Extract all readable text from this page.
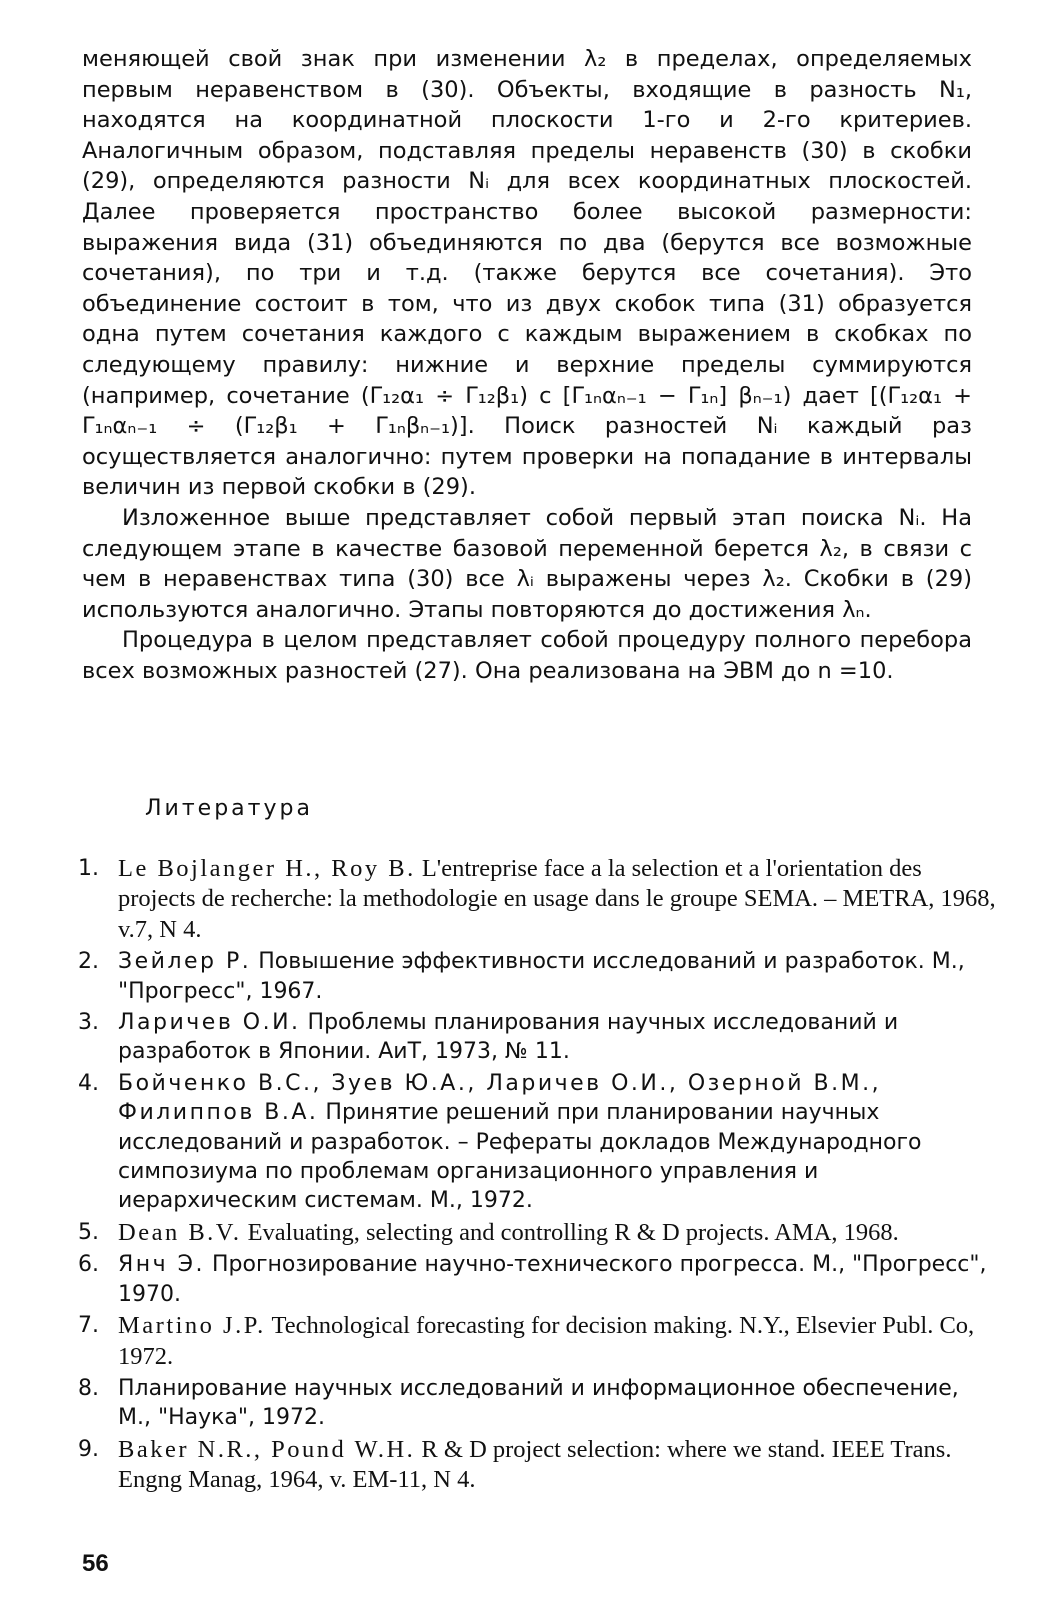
меняющей свой знак при изменении λ₂ в пределах, определяемых первым неравенством в (30). Объекты, входящие в разность N₁, находятся на координатной плоскости 1-го и 2-го критериев. Аналогичным образом, подставляя пределы неравенств (30) в скобки (29), определяются разности Nᵢ для всех координатных плоскостей. Далее проверяется пространство более высокой размерности: выражения вида (31) объединяются по два (берутся все возможные сочетания), по три и т.д. (также берутся все сочетания). Это объединение состоит в том, что из двух скобок типа (31) образуется одна путем сочетания каждого с каждым выражением в скобках по следующему правилу: нижние и верхние пределы суммируются (например, сочетание (Γ₁₂α₁ ÷ Γ₁₂β₁) с [Γ₁ₙαₙ₋₁ − Γ₁ₙ] βₙ₋₁) дает [(Γ₁₂α₁ + Γ₁ₙαₙ₋₁ ÷ (Γ₁₂β₁ + Γ₁ₙβₙ₋₁)]. Поиск разностей Nᵢ каждый раз осуществляется аналогично: путем проверки на попадание в интервалы величин из первой скобки в (29).

Изложенное выше представляет собой первый этап поиска Nᵢ. На следующем этапе в качестве базовой переменной берется λ₂, в связи с чем в неравенствах типа (30) все λᵢ выражены через λ₂. Скобки в (29) используются аналогично. Этапы повторяются до достижения λₙ.

Процедура в целом представляет собой процедуру полного перебора всех возможных разностей (27). Она реализована на ЭВМ до n =10.

Литература
1. Le Bojlanger H., Roy B. L'entreprise face a la selection et a l'orientation des projects de recherche: la methodologie en usage dans le groupe SEMA. – METRA, 1968, v.7, N 4.
2. Зейлер Р. Повышение эффективности исследований и разработок. М., "Прогресс", 1967.
3. Ларичев О.И. Проблемы планирования научных исследований и разработок в Японии. АиТ, 1973, № 11.
4. Бойченко В.С., Зуев Ю.А., Ларичев О.И., Озерной В.М., Филиппов В.А. Принятие решений при планировании научных исследований и разработок. – Рефераты докладов Международного симпозиума по проблемам организационного управления и иерархическим системам. М., 1972.
5. Dean B.V. Evaluating, selecting and controlling R & D projects. AMA, 1968.
6. Янч Э. Прогнозирование научно-технического прогресса. М., "Прогресс", 1970.
7. Martino J.P. Technological forecasting for decision making. N.Y., Elsevier Publ. Co, 1972.
8. Планирование научных исследований и информационное обеспечение, М., "Наука", 1972.
9. Baker N.R., Pound W.H. R & D project selection: where we stand. IEEE Trans. Engng Manag, 1964, v. EM-11, N 4.
56
